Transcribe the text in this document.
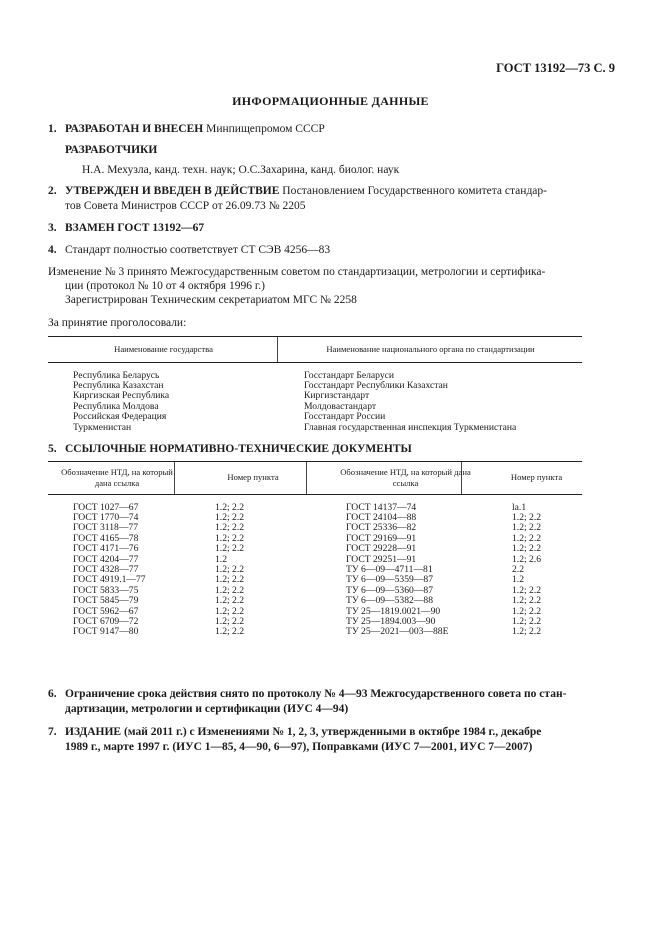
ГОСТ 13192—73 С. 9
ИНФОРМАЦИОННЫЕ ДАННЫЕ
1. РАЗРАБОТАН И ВНЕСЕН Минпищепромом СССР
РАЗРАБОТЧИКИ
Н.А. Мехузла, канд. техн. наук; О.С.Захарина, канд. биолог. наук
2. УТВЕРЖДЕН И ВВЕДЕН В ДЕЙСТВИЕ Постановлением Государственного комитета стандар-
тов Совета Министров СССР от 26.09.73 № 2205
3. ВЗАМЕН ГОСТ 13192—67
4. Стандарт полностью соответствует СТ СЭВ 4256—83
Изменение № 3 принято Межгосударственным советом по стандартизации, метрологии и сертифика-
ции (протокол № 10 от 4 октября 1996 г.)
Зарегистрирован Техническим секретариатом МГС № 2258
За принятие проголосовали:
Наименование государства	Наименование национального органа по стандартизации
Республика Беларусь	Госстандарт Беларуси
Республика Казахстан	Госстандарт Республики Казахстан
Киргизская Республика	Киргизстандарт
Республика Молдова	Молдовастандарт
Российская Федерация	Госстандарт России
Туркменистан	Главная государственная инспекция Туркменистана
5. ССЫЛОЧНЫЕ НОРМАТИВНО-ТЕХНИЧЕСКИЕ ДОКУМЕНТЫ
Обозначение НТД, на который дана ссылка	Номер пункта	Обозначение НТД, на который дана ссылка	Номер пункта
ГОСТ 1027—67	1.2; 2.2	ГОСТ 14137—74	la.1
ГОСТ 1770—74	1.2; 2.2	ГОСТ 24104—88	1.2; 2.2
ГОСТ 3118—77	1.2; 2.2	ГОСТ 25336—82	1.2; 2.2
ГОСТ 4165—78	1.2; 2.2	ГОСТ 29169—91	1.2; 2.2
ГОСТ 4171—76	1.2; 2.2	ГОСТ 29228—91	1.2; 2.2
ГОСТ 4204—77	1.2	ГОСТ 29251—91	1.2; 2.6
ГОСТ 4328—77	1.2; 2.2	ТУ 6—09—4711—81	2.2
ГОСТ 4919.1—77	1.2; 2.2	ТУ 6—09—5359—87	1.2
ГОСТ 5833—75	1.2; 2.2	ТУ 6—09—5360—87	1.2; 2.2
ГОСТ 5845—79	1.2; 2.2	ТУ 6—09—5382—88	1.2; 2.2
ГОСТ 5962—67	1.2; 2.2	ТУ 25—1819.0021—90	1.2; 2.2
ГОСТ 6709—72	1.2; 2.2	ТУ 25—1894.003—90	1.2; 2.2
ГОСТ 9147—80	1.2; 2.2	ТУ 25—2021—003—88Е	1.2; 2.2
6. Ограничение срока действия снято по протоколу № 4—93 Межгосударственного совета по стан-
дартизации, метрологии и сертификации (ИУС 4—94)
7. ИЗДАНИЕ (май 2011 г.) с Изменениями № 1, 2, 3, утвержденными в октябре 1984 г., декабре
1989 г., марте 1997 г. (ИУС 1—85, 4—90, 6—97), Поправками (ИУС 7—2001, ИУС 7—2007)
